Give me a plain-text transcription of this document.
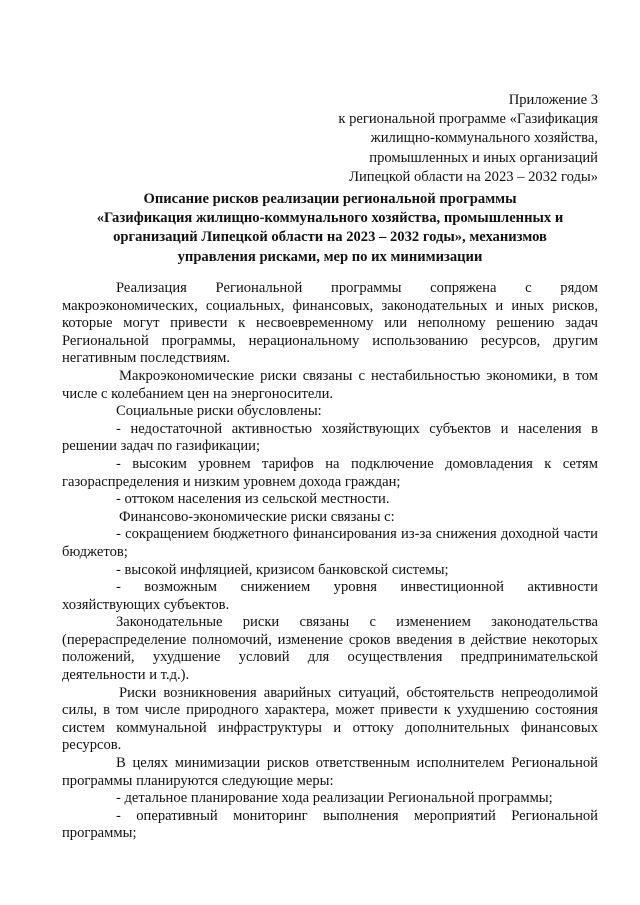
Приложение 3
к региональной программе «Газификация
жилищно-коммунального хозяйства,
промышленных и иных организаций
Липецкой области на 2023 – 2032 годы»
Описание рисков реализации региональной программы
«Газификация жилищно-коммунального хозяйства, промышленных и
организаций Липецкой области на 2023 – 2032 годы», механизмов
управления рисками, мер по их минимизации

Реализация Региональной программы сопряжена с рядом макроэкономических, социальных, финансовых, законодательных и иных рисков, которые могут привести к несвоевременному или неполному решению задач Региональной программы, нерациональному использованию ресурсов, другим негативным последствиям.

Макроэкономические риски связаны с нестабильностью экономики, в том числе с колебанием цен на энергоносители.

Социальные риски обусловлены:

- недостаточной активностью хозяйствующих субъектов и населения в решении задач по газификации;

- высоким уровнем тарифов на подключение домовладения к сетям газораспределения и низким уровнем дохода граждан;

- оттоком населения из сельской местности.

Финансово-экономические риски связаны с:

- сокращением бюджетного финансирования из-за снижения доходной части бюджетов;

- высокой инфляцией, кризисом банковской системы;

- возможным снижением уровня инвестиционной активности хозяйствующих субъектов.

Законодательные риски связаны с изменением законодательства (перераспределение полномочий, изменение сроков введения в действие некоторых положений, ухудшение условий для осуществления предпринимательской деятельности и т.д.).

Риски возникновения аварийных ситуаций, обстоятельств непреодолимой силы, в том числе природного характера, может привести к ухудшению состояния систем коммунальной инфраструктуры и оттоку дополнительных финансовых ресурсов.

В целях минимизации рисков ответственным исполнителем Региональной программы планируются следующие меры:

- детальное планирование хода реализации Региональной программы;

- оперативный мониторинг выполнения мероприятий Региональной программы;
